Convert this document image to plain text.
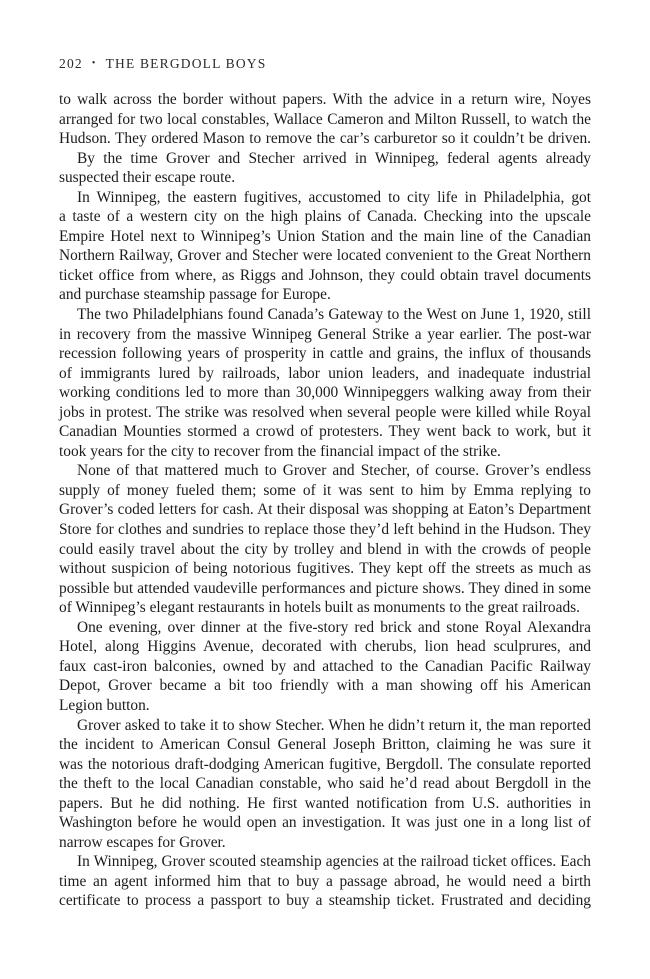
202 • THE BERGDOLL BOYS
to walk across the border without papers. With the advice in a return wire, Noyes
arranged for two local constables, Wallace Cameron and Milton Russell, to watch the
Hudson. They ordered Mason to remove the car’s carburetor so it couldn’t be driven.
By the time Grover and Stecher arrived in Winnipeg, federal agents already
suspected their escape route.
In Winnipeg, the eastern fugitives, accustomed to city life in Philadelphia, got
a taste of a western city on the high plains of Canada. Checking into the upscale
Empire Hotel next to Winnipeg’s Union Station and the main line of the Canadian
Northern Railway, Grover and Stecher were located convenient to the Great Northern
ticket office from where, as Riggs and Johnson, they could obtain travel documents
and purchase steamship passage for Europe.
The two Philadelphians found Canada’s Gateway to the West on June 1, 1920, still
in recovery from the massive Winnipeg General Strike a year earlier. The post-war
recession following years of prosperity in cattle and grains, the influx of thousands
of immigrants lured by railroads, labor union leaders, and inadequate industrial
working conditions led to more than 30,000 Winnipeggers walking away from their
jobs in protest. The strike was resolved when several people were killed while Royal
Canadian Mounties stormed a crowd of protesters. They went back to work, but it
took years for the city to recover from the financial impact of the strike.
None of that mattered much to Grover and Stecher, of course. Grover’s endless
supply of money fueled them; some of it was sent to him by Emma replying to
Grover’s coded letters for cash. At their disposal was shopping at Eaton’s Department
Store for clothes and sundries to replace those they’d left behind in the Hudson. They
could easily travel about the city by trolley and blend in with the crowds of people
without suspicion of being notorious fugitives. They kept off the streets as much as
possible but attended vaudeville performances and picture shows. They dined in some
of Winnipeg’s elegant restaurants in hotels built as monuments to the great railroads.
One evening, over dinner at the five-story red brick and stone Royal Alexandra
Hotel, along Higgins Avenue, decorated with cherubs, lion head sculprures, and
faux cast-iron balconies, owned by and attached to the Canadian Pacific Railway
Depot, Grover became a bit too friendly with a man showing off his American
Legion button.
Grover asked to take it to show Stecher. When he didn’t return it, the man reported
the incident to American Consul General Joseph Britton, claiming he was sure it
was the notorious draft-dodging American fugitive, Bergdoll. The consulate reported
the theft to the local Canadian constable, who said he’d read about Bergdoll in the
papers. But he did nothing. He first wanted notification from U.S. authorities in
Washington before he would open an investigation. It was just one in a long list of
narrow escapes for Grover.
In Winnipeg, Grover scouted steamship agencies at the railroad ticket offices. Each
time an agent informed him that to buy a passage abroad, he would need a birth
certificate to process a passport to buy a steamship ticket. Frustrated and deciding
